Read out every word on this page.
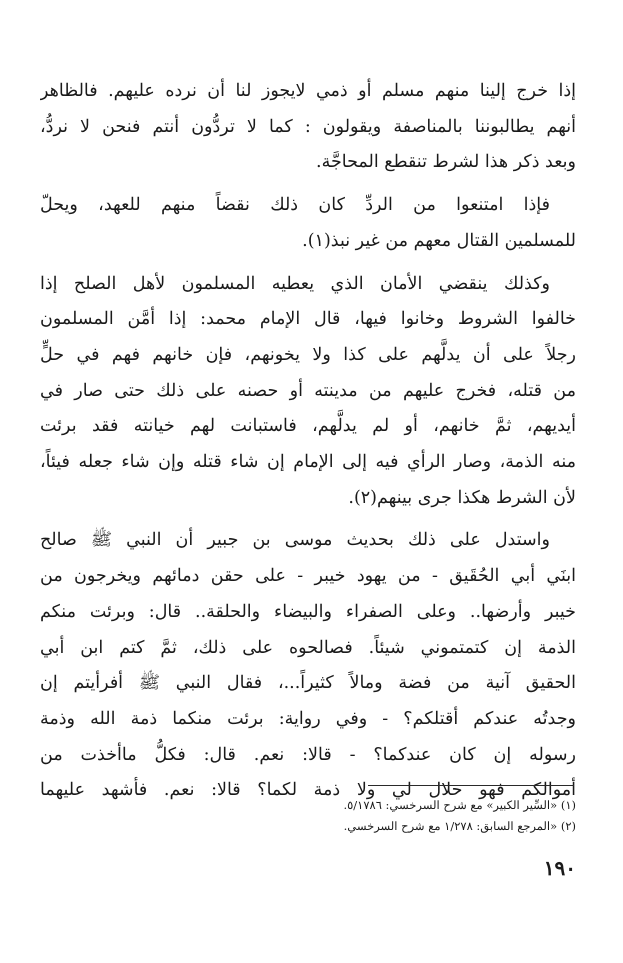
إذا خرج إلينا منهم مسلم أو ذمي لايجوز لنا أن نرده عليهم. فالظاهر
أنهم يطالبوننا بالمناصفة ويقولون : كما لا تردُّون أنتم فنحن لا نردُّ،
وبعد ذكر هذا لشرط تنقطع المحاجَّة.

فإذا امتنعوا من الردِّ كان ذلك نقضاً منهم للعهد، ويحلّ
للمسلمين القتال معهم من غير نبذ(١).

وكذلك ينقضي الأمان الذي يعطيه المسلمون لأهل الصلح إذا
خالفوا الشروط وخانوا فيها، قال الإمام محمد: إذا أمَّن المسلمون
رجلاً على أن يدلَّهم على كذا ولا يخونهم، فإن خانهم فهم في حلٍّ
من قتله، فخرج عليهم من مدينته أو حصنه على ذلك حتى صار في
أيديهم، ثمَّ خانهم، أو لم يدلَّهم، فاستبانت لهم خيانته فقد برئت
منه الذمة، وصار الرأي فيه إلى الإمام إن شاء قتله وإن شاء جعله فيئاً،
لأن الشرط هكذا جرى بينهم(٢).

واستدل على ذلك بحديث موسى بن جبير أن النبي ﷺ صالح
ابنَي أبي الحُقَيق - من يهود خيبر - على حقن دمائهم ويخرجون من
خيبر وأرضها.. وعلى الصفراء والبيضاء والحلقة.. قال: وبرئت منكم
الذمة إن كتمتموني شيئاً. فصالحوه على ذلك، ثمَّ كتم ابن أبي
الحقيق آنية من فضة ومالاً كثيراً...، فقال النبي ﷺ أفرأيتم إن
وجدتُه عندكم أقتلكم؟ - وفي رواية: برئت منكما ذمة الله وذمة
رسوله إن كان عندكما؟ - قالا: نعم. قال: فكلُّ ماأخذت من
أموالكم فهو حلال لي ولا ذمة لكما؟ قالا: نعم. فأشهد عليهما

(١) «السِّير الكبير» مع شرح السرخسي: ٥/١٧٨٦.
(٢) «المرجع السابق: ١/٢٧٨ مع شرح السرخسي.
١٩٠
